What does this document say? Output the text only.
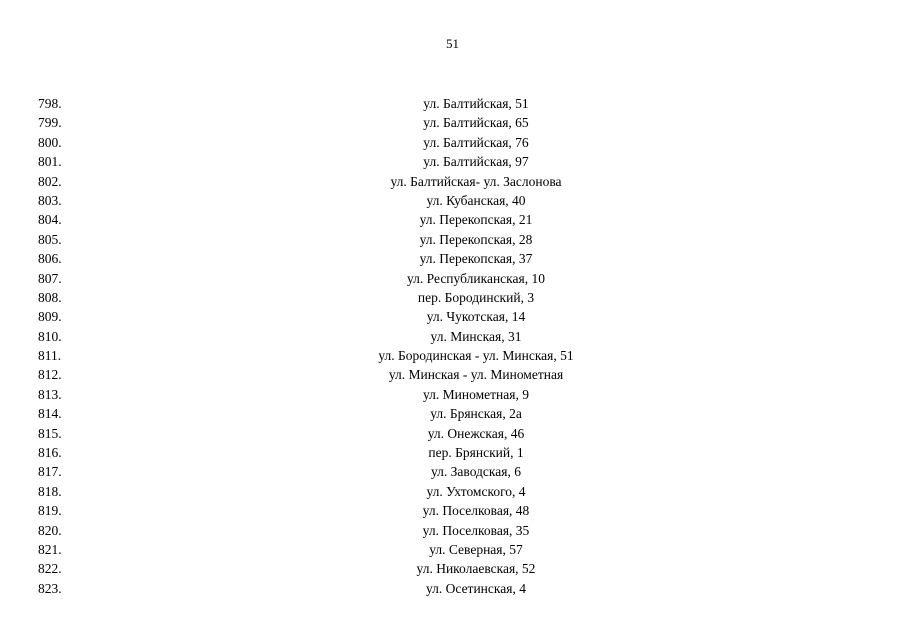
51
798.	ул. Балтийская, 51
799.	ул. Балтийская, 65
800.	ул. Балтийская, 76
801.	ул. Балтийская, 97
802.	ул. Балтийская- ул. Заслонова
803.	ул. Кубанская, 40
804.	ул. Перекопская, 21
805.	ул. Перекопская, 28
806.	ул. Перекопская, 37
807.	ул. Республиканская, 10
808.	пер. Бородинский, 3
809.	ул. Чукотская, 14
810.	ул. Минская, 31
811.	ул. Бородинская - ул. Минская, 51
812.	ул. Минская - ул. Минометная
813.	ул. Минометная, 9
814.	ул. Брянская, 2а
815.	ул. Онежская, 46
816.	пер. Брянский, 1
817.	ул. Заводская, 6
818.	ул. Ухтомского, 4
819.	ул. Поселковая, 48
820.	ул. Поселковая, 35
821.	ул. Северная, 57
822.	ул. Николаевская, 52
823.	ул. Осетинская, 4
